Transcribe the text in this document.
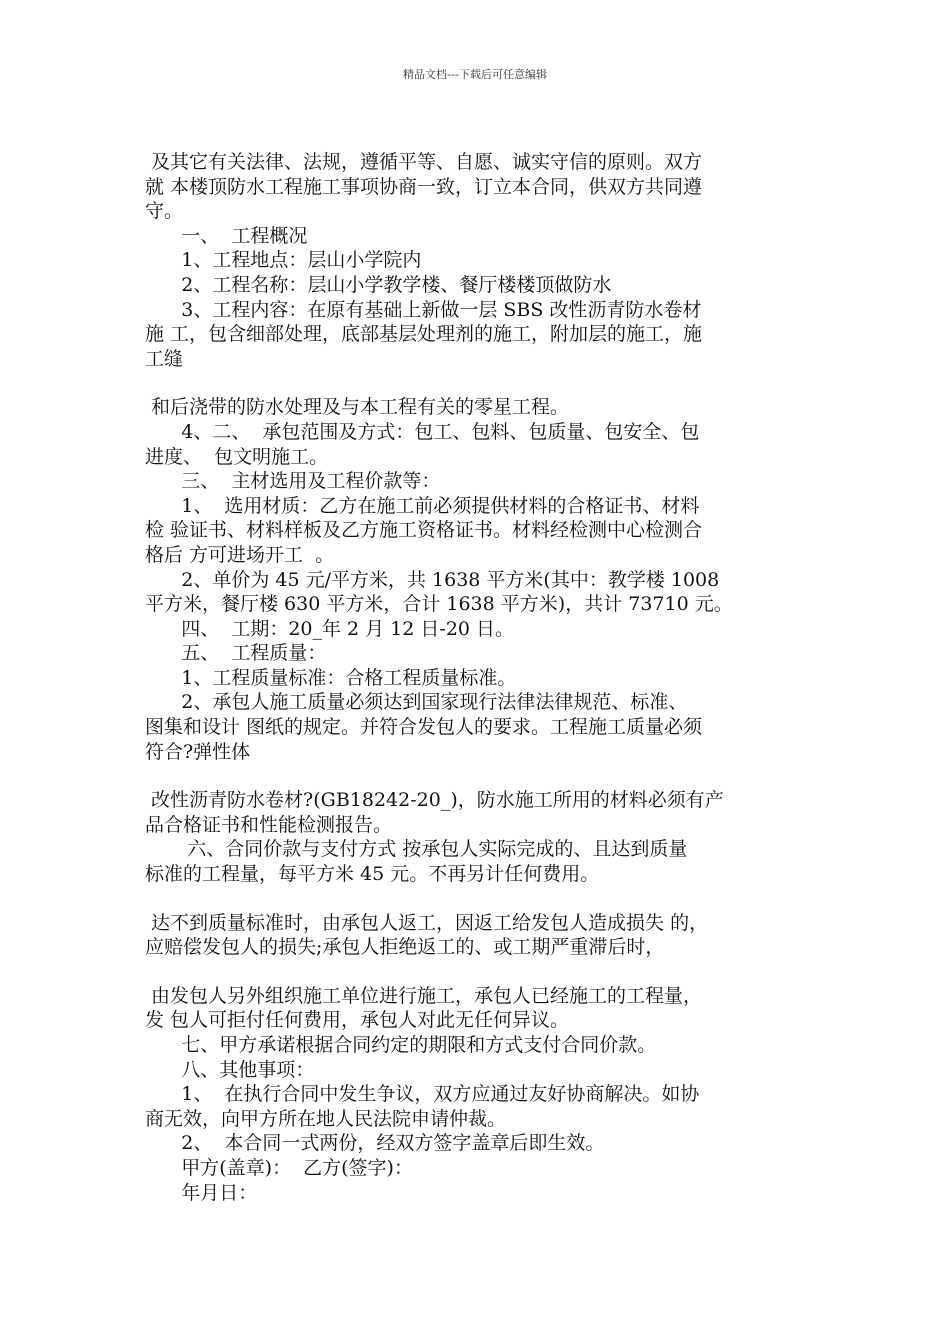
精品文档---下载后可任意编辑
及其它有关法律、法规，遵循平等、自愿、诚实守信的原则。双方
就 本楼顶防水工程施工事项协商一致，订立本合同，供双方共同遵
守。
一、  工程概况
1、工程地点：层山小学院内
2、工程名称：层山小学教学楼、餐厅楼楼顶做防水
3、工程内容：在原有基础上新做一层 SBS 改性沥青防水卷材
施 工，包含细部处理，底部基层处理剂的施工，附加层的施工，施
工缝
和后浇带的防水处理及与本工程有关的零星工程。
4、二、  承包范围及方式：包工、包料、包质量、包安全、包
进度、  包文明施工。
三、  主材选用及工程价款等：
1、  选用材质：乙方在施工前必须提供材料的合格证书、材料
检 验证书、材料样板及乙方施工资格证书。材料经检测中心检测合
格后 方可进场开工  。
2、单价为 45 元/平方米，共 1638 平方米(其中：教学楼 1008
平方米，餐厅楼 630 平方米，合计 1638 平方米)，共计 73710 元。
四、  工期：20_年 2 月 12 日-20 日。
五、  工程质量：
1、工程质量标准：合格工程质量标准。
2、承包人施工质量必须达到国家现行法律法律规范、标准、
图集和设计 图纸的规定。并符合发包人的要求。工程施工质量必须
符合?弹性体
改性沥青防水卷材?(GB18242-20_)，防水施工所用的材料必须有产
品合格证书和性能检测报告。
六、合同价款与支付方式 按承包人实际完成的、且达到质量
标准的工程量，每平方米 45 元。不再另计任何费用。
达不到质量标准时，由承包人返工，因返工给发包人造成损失 的，
应赔偿发包人的损失;承包人拒绝返工的、或工期严重滞后时，
由发包人另外组织施工单位进行施工，承包人已经施工的工程量，
发 包人可拒付任何费用，承包人对此无任何异议。
七、甲方承诺根据合同约定的期限和方式支付合同价款。
八、其他事项：
1、  在执行合同中发生争议，双方应通过友好协商解决。如协
商无效，向甲方所在地人民法院申请仲裁。
2、  本合同一式两份，经双方签字盖章后即生效。
甲方(盖章)：  乙方(签字)：
年月日：
